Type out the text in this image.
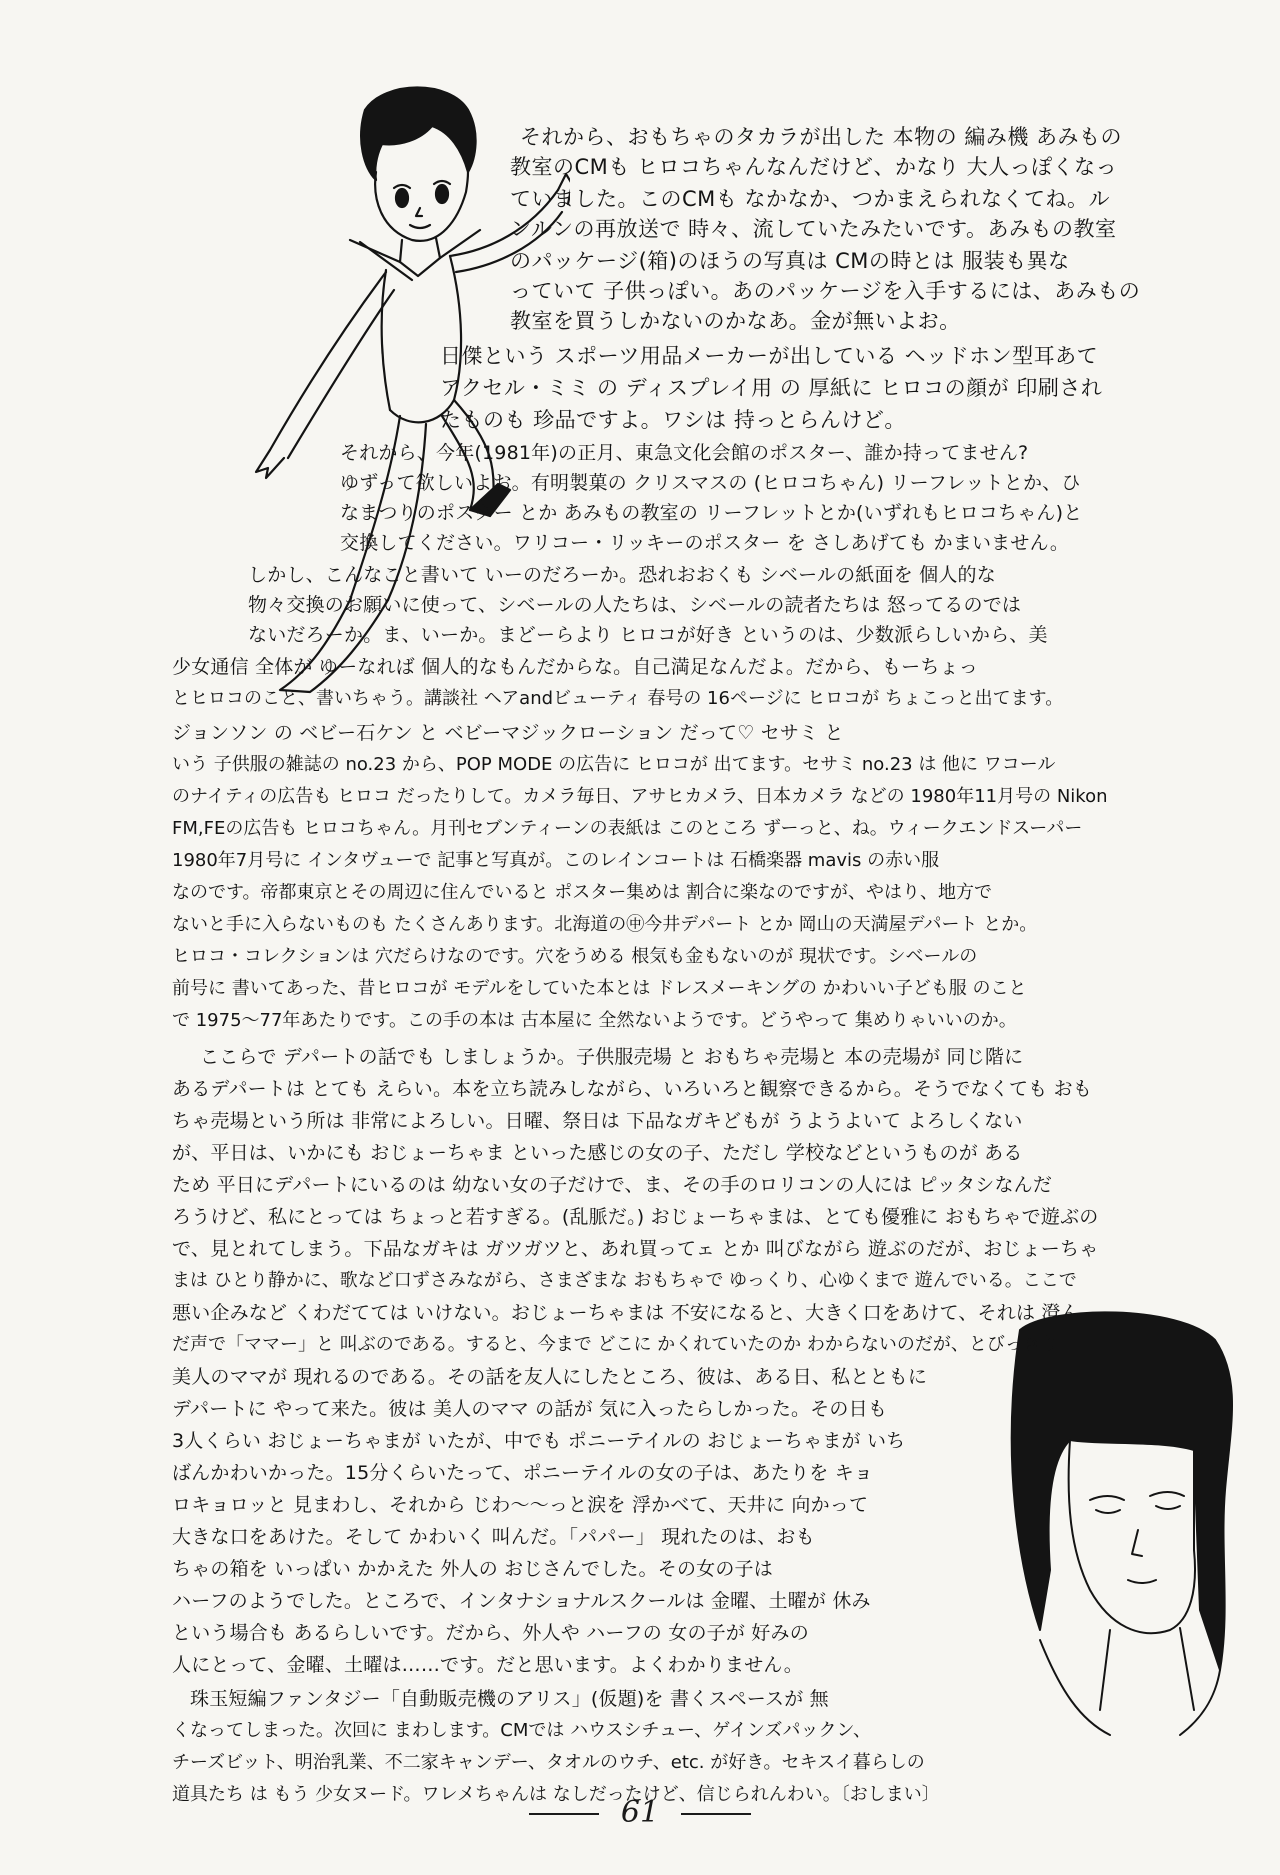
それから、おもちゃのタカラが出した 本物の 編み機 あみもの
教室のCMも ヒロコちゃんなんだけど、かなり 大人っぽくなっ
ていました。このCMも なかなか、つかまえられなくてね。ル
ンルンの再放送で 時々、流していたみたいです。あみもの教室
のパッケージ(箱)のほうの写真は CMの時とは 服装も異な
っていて 子供っぽい。あのパッケージを入手するには、あみもの
教室を買うしかないのかなあ。金が無いよお。
日傑という スポーツ用品メーカーが出している ヘッドホン型耳あて
アクセル・ミミ の ディスプレイ用 の 厚紙に ヒロコの顔が 印刷され
たものも 珍品ですよ。ワシは 持っとらんけど。
それから、今年(1981年)の正月、東急文化会館のポスター、誰か持ってません?
ゆずって欲しいよお。有明製菓の クリスマスの (ヒロコちゃん) リーフレットとか、ひ
なまつりのポスター とか あみもの教室の リーフレットとか(いずれもヒロコちゃん)と
交換してください。ワリコー・リッキーのポスター を さしあげても かまいません。
しかし、こんなこと書いて いーのだろーか。恐れおおくも シベールの紙面を 個人的な
物々交換のお願いに使って、シベールの人たちは、シベールの読者たちは 怒ってるのでは
ないだろーか。ま、いーか。まどーらより ヒロコが好き というのは、少数派らしいから、美
少女通信 全体が ゆーなれば 個人的なもんだからな。自己満足なんだよ。だから、もーちょっ
とヒロコのこと、書いちゃう。講談社 ヘアandビューティ 春号の 16ページに ヒロコが ちょこっと出てます。
ジョンソン の ベビー石ケン と ベビーマジックローション だって♡ セサミ と
いう 子供服の雑誌の no.23 から、POP MODE の広告に ヒロコが 出てます。セサミ no.23 は 他に ワコール
のナイティの広告も ヒロコ だったりして。カメラ毎日、アサヒカメラ、日本カメラ などの 1980年11月号の Nikon
FM,FEの広告も ヒロコちゃん。月刊セブンティーンの表紙は このところ ずーっと、ね。ウィークエンドスーパー
1980年7月号に インタヴューで 記事と写真が。このレインコートは 石橋楽器 mavis の赤い服
なのです。帝都東京とその周辺に住んでいると ポスター集めは 割合に楽なのですが、やはり、地方で
ないと手に入らないものも たくさんあります。北海道の㊥今井デパート とか 岡山の天満屋デパート とか。
ヒロコ・コレクションは 穴だらけなのです。穴をうめる 根気も金もないのが 現状です。シベールの
前号に 書いてあった、昔ヒロコが モデルをしていた本とは ドレスメーキングの かわいい子ども服 のこと
で 1975〜77年あたりです。この手の本は 古本屋に 全然ないようです。どうやって 集めりゃいいのか。
ここらで デパートの話でも しましょうか。子供服売場 と おもちゃ売場と 本の売場が 同じ階に
あるデパートは とても えらい。本を立ち読みしながら、いろいろと観察できるから。そうでなくても おも
ちゃ売場という所は 非常によろしい。日曜、祭日は 下品なガキどもが うようよいて よろしくない
が、平日は、いかにも おじょーちゃま といった感じの女の子、ただし 学校などというものが ある
ため 平日にデパートにいるのは 幼ない女の子だけで、ま、その手のロリコンの人には ピッタシなんだ
ろうけど、私にとっては ちょっと若すぎる。(乱脈だ。) おじょーちゃまは、とても優雅に おもちゃで遊ぶの
で、見とれてしまう。下品なガキは ガツガツと、あれ買ってェ とか 叫びながら 遊ぶのだが、おじょーちゃ
まは ひとり静かに、歌など口ずさみながら、さまざまな おもちゃで ゆっくり、心ゆくまで 遊んでいる。ここで
悪い企みなど くわだてては いけない。おじょーちゃまは 不安になると、大きく口をあけて、それは 澄ん
だ声で「ママー」と 叫ぶのである。すると、今まで どこに かくれていたのか わからないのだが、とびっきり
美人のママが 現れるのである。その話を友人にしたところ、彼は、ある日、私とともに
デパートに やって来た。彼は 美人のママ の話が 気に入ったらしかった。その日も
3人くらい おじょーちゃまが いたが、中でも ポニーテイルの おじょーちゃまが いち
ばんかわいかった。15分くらいたって、ポニーテイルの女の子は、あたりを キョ
ロキョロッと 見まわし、それから じわ〜〜っと涙を 浮かべて、天井に 向かって
大きな口をあけた。そして かわいく 叫んだ。「パパー」 現れたのは、おも
ちゃの箱を いっぱい かかえた 外人の おじさんでした。その女の子は
ハーフのようでした。ところで、インタナショナルスクールは 金曜、土曜が 休み
という場合も あるらしいです。だから、外人や ハーフの 女の子が 好みの
人にとって、金曜、土曜は……です。だと思います。よくわかりません。
珠玉短編ファンタジー「自動販売機のアリス」(仮題)を 書くスペースが 無
くなってしまった。次回に まわします。CMでは ハウスシチュー、ゲインズパックン、
チーズビット、明治乳業、不二家キャンデー、タオルのウチ、etc. が好き。セキスイ暮らしの
道具たち は もう 少女ヌード。ワレメちゃんは なしだったけど、信じられんわい。〔おしまい〕
61
